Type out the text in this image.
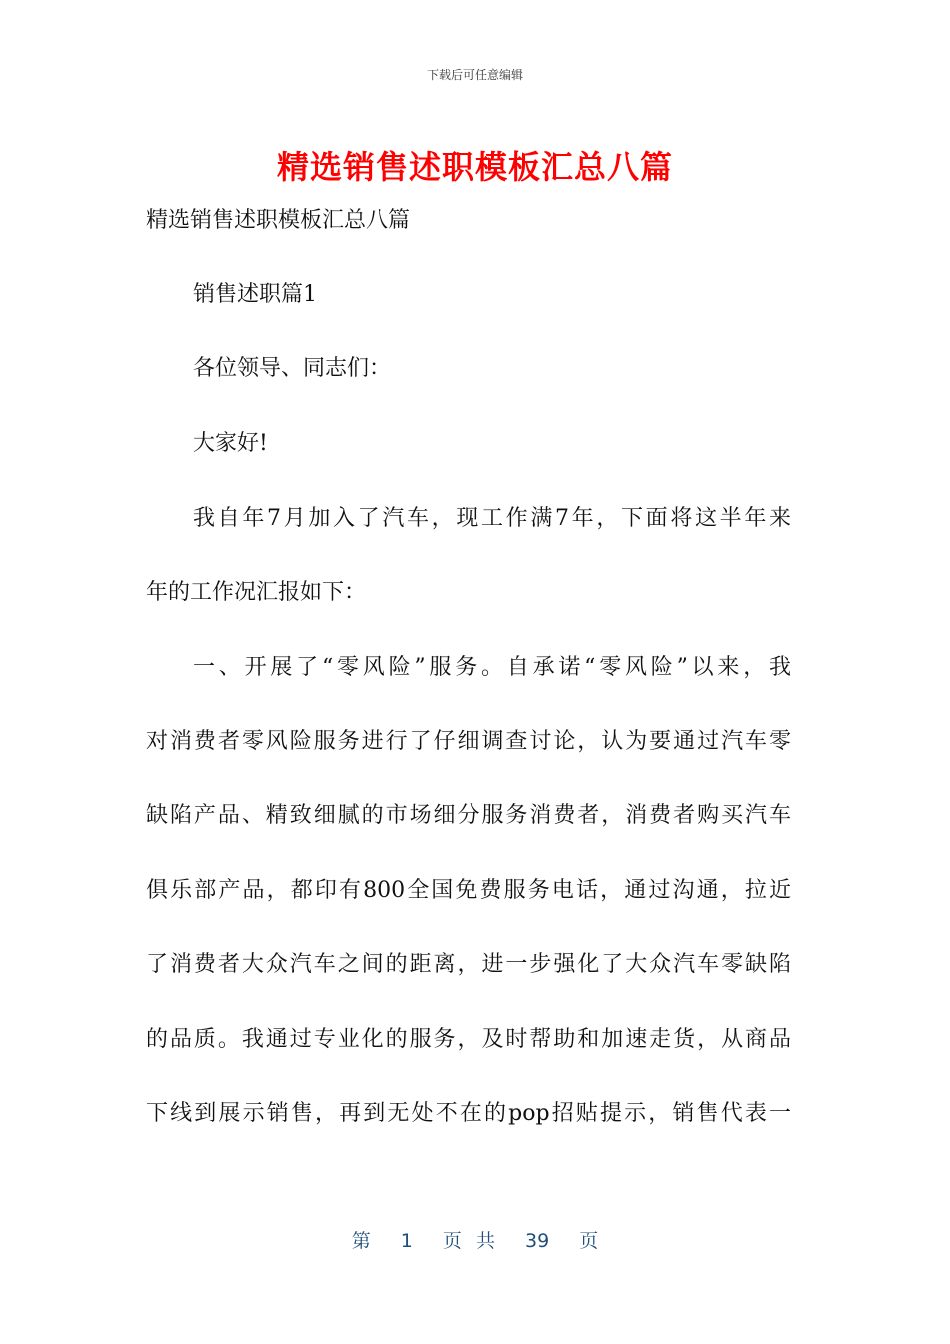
下载后可任意编辑
精选销售述职模板汇总八篇
精选销售述职模板汇总八篇
销售述职篇1
各位领导、同志们：
大家好!
我自年7月加入了汽车，现工作满7年，下面将这半年来
年的工作况汇报如下：
一、开展了“零风险”服务。自承诺“零风险”以来，我
对消费者零风险服务进行了仔细调查讨论，认为要通过汽车零
缺陷产品、精致细腻的市场细分服务消费者，消费者购买汽车
俱乐部产品，都印有800全国免费服务电话，通过沟通，拉近
了消费者大众汽车之间的距离，进一步强化了大众汽车零缺陷
的品质。我通过专业化的服务，及时帮助和加速走货，从商品
下线到展示销售，再到无处不在的pop招贴提示，销售代表一
第 1 页 共 39 页
